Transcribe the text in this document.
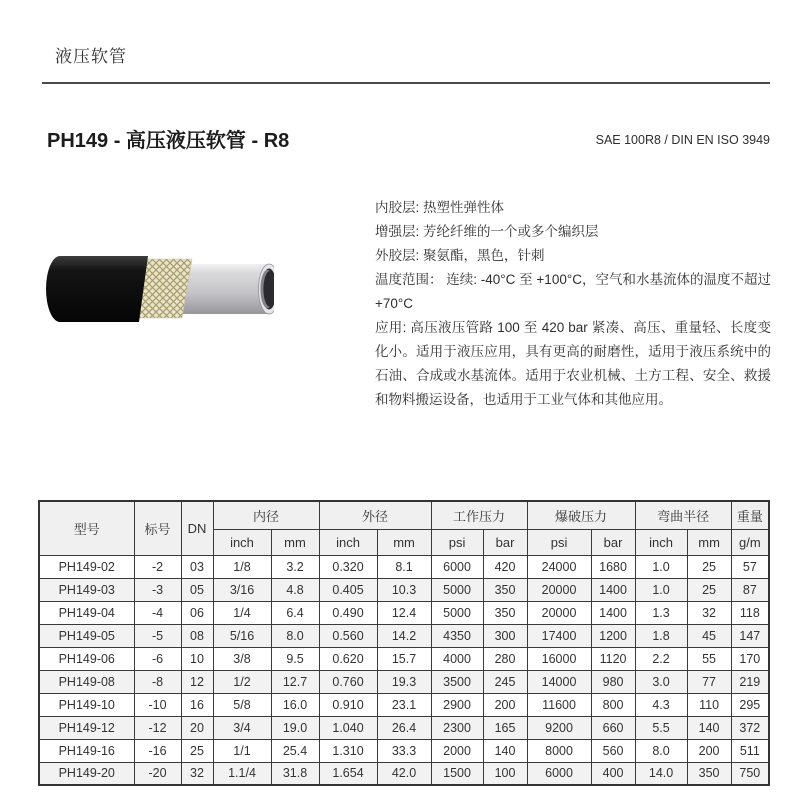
液压软管
PH149 - 高压液压软管 - R8	SAE 100R8 / DIN EN ISO 3949

内胶层: 热塑性弹性体

增强层: 芳纶纤维的一个或多个编织层

外胶层: 聚氨酯，黑色，针刺

温度范围： 连续: -40°C 至 +100°C，空气和水基流体的温度不超过 +70°C

应用: 高压液压管路 100 至 420 bar 紧凑、高压、重量轻、长度变化小。适用于液压应用，具有更高的耐磨性，适用于液压系统中的石油、合成或水基流体。适用于农业机械、土方工程、安全、救援和物料搬运设备，也适用于工业气体和其他应用。

型号	标号	DN	内径		外径		工作压力		爆破压力		弯曲半径		重量
			inch	mm	inch	mm	psi	bar	psi	bar	inch	mm	g/m
PH149-02	-2	03	1/8	3.2	0.320	8.1	6000	420	24000	1680	1.0	25	57
PH149-03	-3	05	3/16	4.8	0.405	10.3	5000	350	20000	1400	1.0	25	87
PH149-04	-4	06	1/4	6.4	0.490	12.4	5000	350	20000	1400	1.3	32	118
PH149-05	-5	08	5/16	8.0	0.560	14.2	4350	300	17400	1200	1.8	45	147
PH149-06	-6	10	3/8	9.5	0.620	15.7	4000	280	16000	1120	2.2	55	170
PH149-08	-8	12	1/2	12.7	0.760	19.3	3500	245	14000	980	3.0	77	219
PH149-10	-10	16	5/8	16.0	0.910	23.1	2900	200	11600	800	4.3	110	295
PH149-12	-12	20	3/4	19.0	1.040	26.4	2300	165	9200	660	5.5	140	372
PH149-16	-16	25	1/1	25.4	1.310	33.3	2000	140	8000	560	8.0	200	511
PH149-20	-20	32	1.1/4	31.8	1.654	42.0	1500	100	6000	400	14.0	350	750
